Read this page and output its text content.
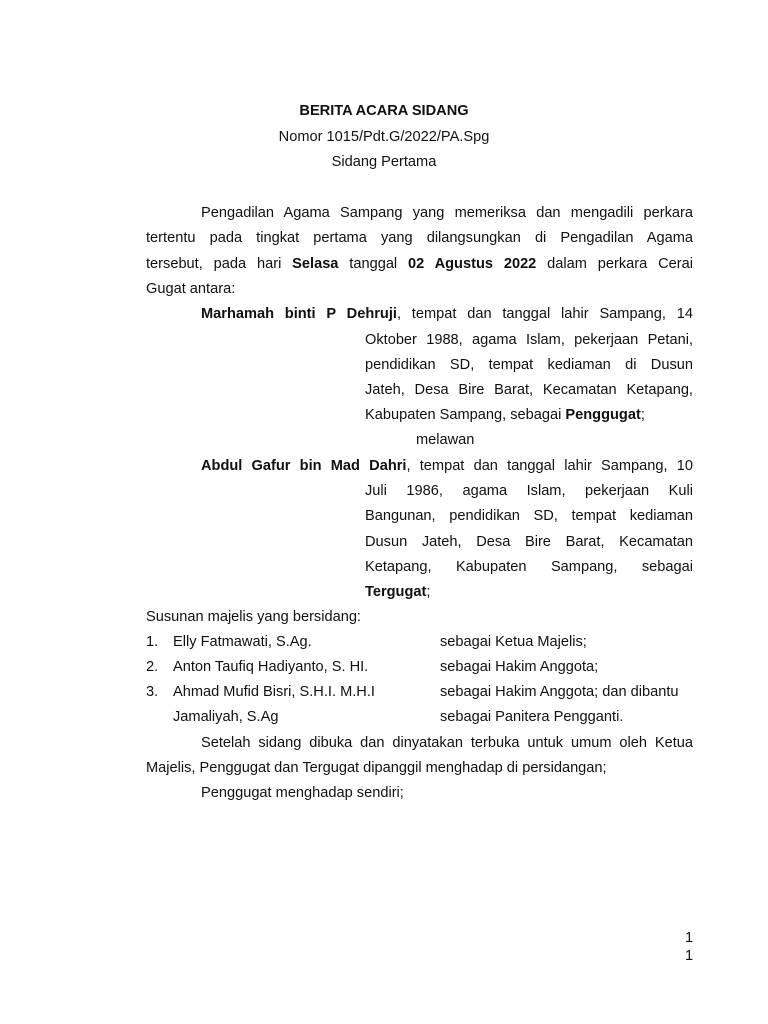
BERITA ACARA SIDANG
Nomor 1015/Pdt.G/2022/PA.Spg
Sidang Pertama
Pengadilan Agama Sampang yang memeriksa dan mengadili perkara
tertentu pada tingkat pertama yang dilangsungkan di Pengadilan Agama
tersebut, pada hari Selasa tanggal 02 Agustus 2022 dalam perkara Cerai
Gugat antara:
Marhamah binti P Dehruji, tempat dan tanggal lahir Sampang, 14
Oktober 1988, agama Islam, pekerjaan Petani,
pendidikan SD, tempat kediaman di Dusun
Jateh, Desa Bire Barat, Kecamatan Ketapang,
Kabupaten Sampang, sebagai Penggugat;
melawan
Abdul Gafur bin Mad Dahri, tempat dan tanggal lahir Sampang, 10
Juli 1986, agama Islam, pekerjaan Kuli
Bangunan, pendidikan SD, tempat kediaman
Dusun Jateh, Desa Bire Barat, Kecamatan
Ketapang, Kabupaten Sampang, sebagai
Tergugat;
Susunan majelis yang bersidang:
1. Elly Fatmawati, S.Ag.	sebagai Ketua Majelis;
2. Anton Taufiq Hadiyanto, S. HI.	sebagai Hakim Anggota;
3. Ahmad Mufid Bisri, S.H.I. M.H.I	sebagai Hakim Anggota; dan dibantu
Jamaliyah, S.Ag	sebagai Panitera Pengganti.
Setelah sidang dibuka dan dinyatakan terbuka untuk umum oleh Ketua
Majelis, Penggugat dan Tergugat dipanggil menghadap di persidangan;
Penggugat menghadap sendiri;
1
1
